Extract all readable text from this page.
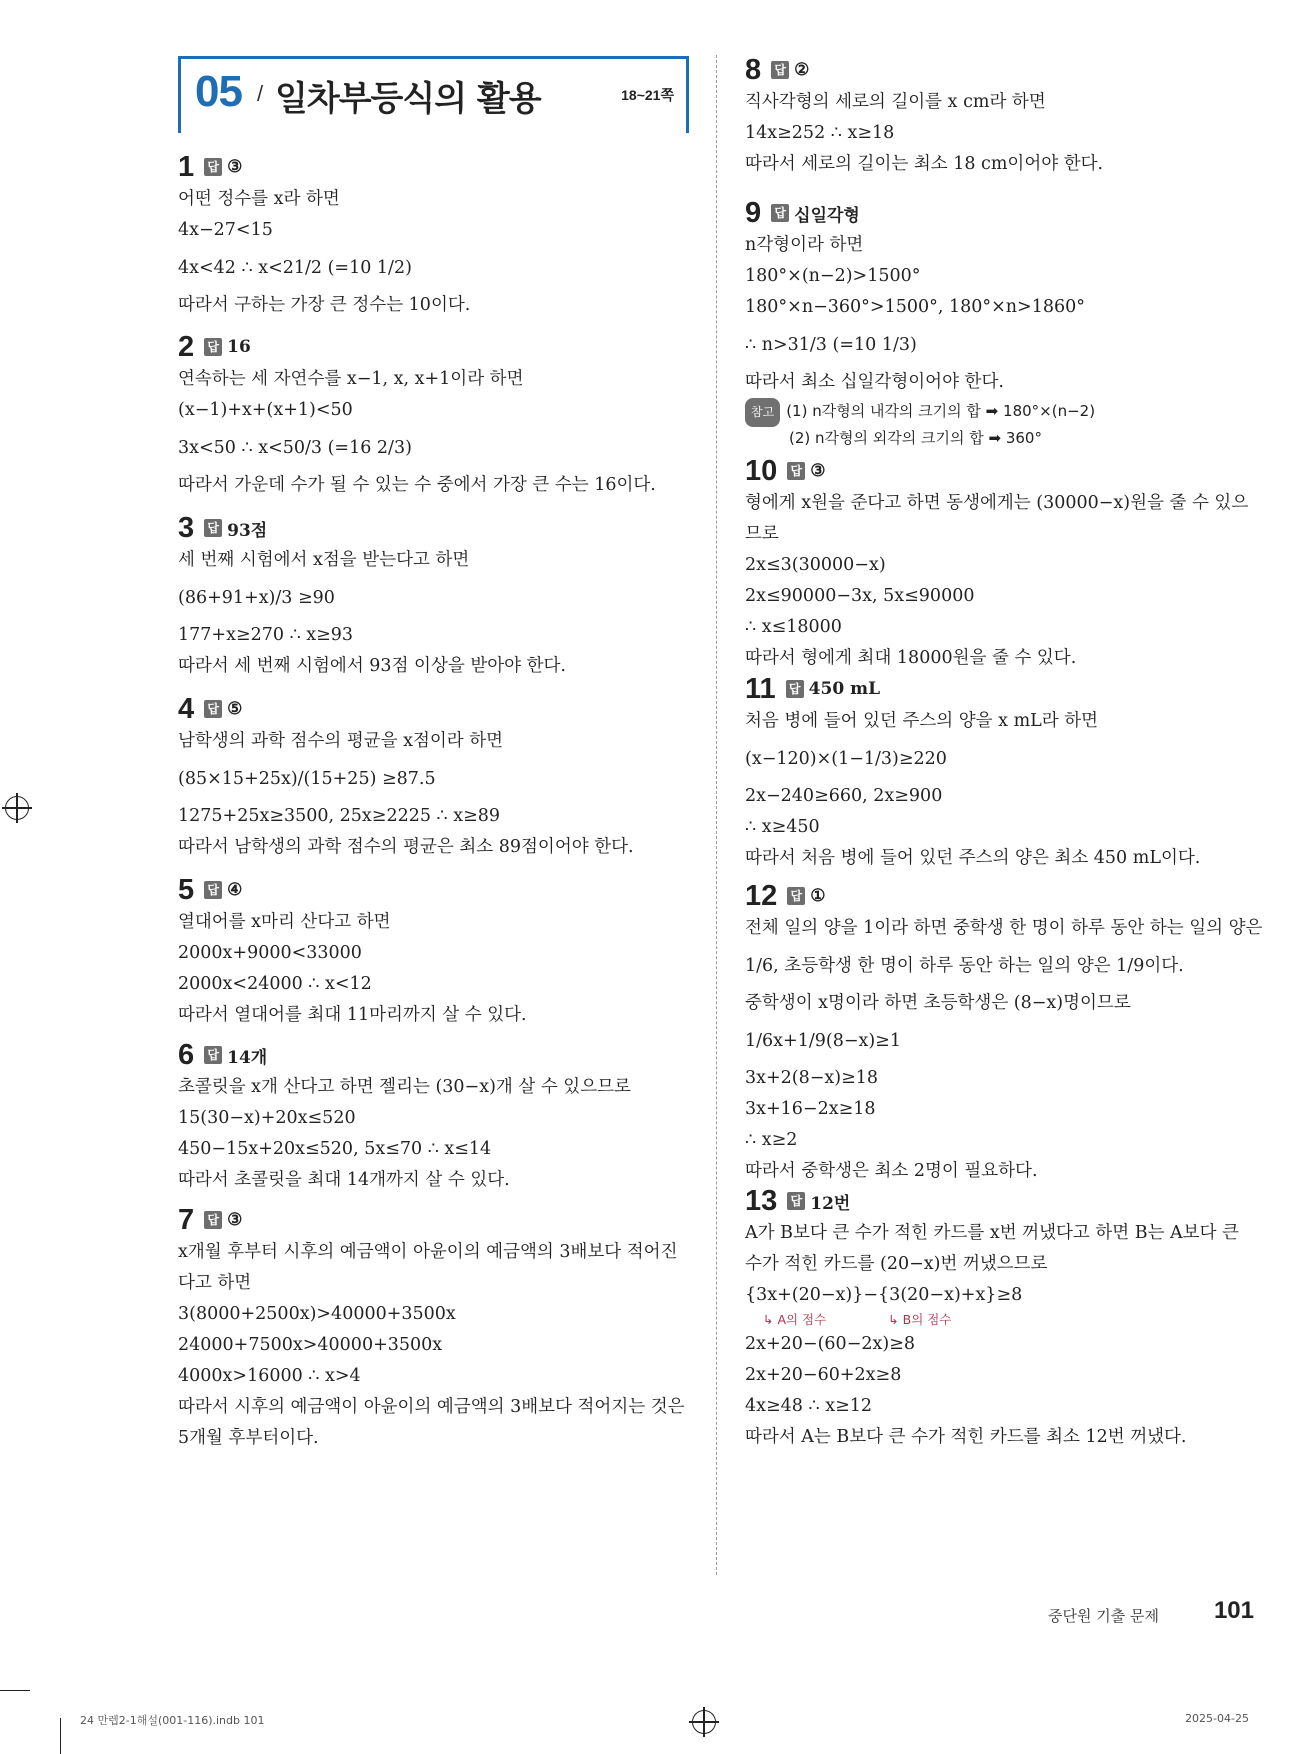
05 / 일차부등식의 활용	18~21쪽
1 답 ③
어떤 정수를 x라 하면
4x−27<15
4x<42 ∴ x<21/2 (=10 1/2)
따라서 구하는 가장 큰 정수는 10이다.
2 답 16
연속하는 세 자연수를 x−1, x, x+1이라 하면
(x−1)+x+(x+1)<50
3x<50 ∴ x<50/3 (=16 2/3)
따라서 가운데 수가 될 수 있는 수 중에서 가장 큰 수는 16이다.
3 답 93점
세 번째 시험에서 x점을 받는다고 하면
(86+91+x)/3 ≥90
177+x≥270 ∴ x≥93
따라서 세 번째 시험에서 93점 이상을 받아야 한다.
4 답 ⑤
남학생의 과학 점수의 평균을 x점이라 하면
(85×15+25x)/(15+25) ≥87.5
1275+25x≥3500, 25x≥2225 ∴ x≥89
따라서 남학생의 과학 점수의 평균은 최소 89점이어야 한다.
5 답 ④
열대어를 x마리 산다고 하면
2000x+9000<33000
2000x<24000 ∴ x<12
따라서 열대어를 최대 11마리까지 살 수 있다.
6 답 14개
초콜릿을 x개 산다고 하면 젤리는 (30−x)개 살 수 있으므로
15(30−x)+20x≤520
450−15x+20x≤520, 5x≤70 ∴ x≤14
따라서 초콜릿을 최대 14개까지 살 수 있다.
7 답 ③
x개월 후부터 시후의 예금액이 아윤이의 예금액의 3배보다 적어진
다고 하면
3(8000+2500x)>40000+3500x
24000+7500x>40000+3500x
4000x>16000 ∴ x>4
따라서 시후의 예금액이 아윤이의 예금액의 3배보다 적어지는 것은
5개월 후부터이다.
8 답 ②
직사각형의 세로의 길이를 x cm라 하면
14x≥252 ∴ x≥18
따라서 세로의 길이는 최소 18 cm이어야 한다.
9 답 십일각형
n각형이라 하면
180°×(n−2)>1500°
180°×n−360°>1500°, 180°×n>1860°
∴ n>31/3 (=10 1/3)
따라서 최소 십일각형이어야 한다.
참고 (1) n각형의 내각의 크기의 합 ➡ 180°×(n−2)
(2) n각형의 외각의 크기의 합 ➡ 360°
10 답 ③
형에게 x원을 준다고 하면 동생에게는 (30000−x)원을 줄 수 있으
므로
2x≤3(30000−x)
2x≤90000−3x, 5x≤90000
∴ x≤18000
따라서 형에게 최대 18000원을 줄 수 있다.
11 답 450 mL
처음 병에 들어 있던 주스의 양을 x mL라 하면
(x−120)×(1−1/3)≥220
2x−240≥660, 2x≥900
∴ x≥450
따라서 처음 병에 들어 있던 주스의 양은 최소 450 mL이다.
12 답 ①
전체 일의 양을 1이라 하면 중학생 한 명이 하루 동안 하는 일의 양은
1/6, 초등학생 한 명이 하루 동안 하는 일의 양은 1/9이다.
중학생이 x명이라 하면 초등학생은 (8−x)명이므로
1/6x+1/9(8−x)≥1
3x+2(8−x)≥18
3x+16−2x≥18
∴ x≥2
따라서 중학생은 최소 2명이 필요하다.
13 답 12번
A가 B보다 큰 수가 적힌 카드를 x번 꺼냈다고 하면 B는 A보다 큰
수가 적힌 카드를 (20−x)번 꺼냈으므로
{3x+(20−x)}−{3(20−x)+x}≥8
↳ A의 점수	↳ B의 점수
2x+20−(60−2x)≥8
2x+20−60+2x≥8
4x≥48 ∴ x≥12
따라서 A는 B보다 큰 수가 적힌 카드를 최소 12번 꺼냈다.
중단원 기출 문제 101
24 만렙2-1해설(001-116).indb 101	2025-04-25
